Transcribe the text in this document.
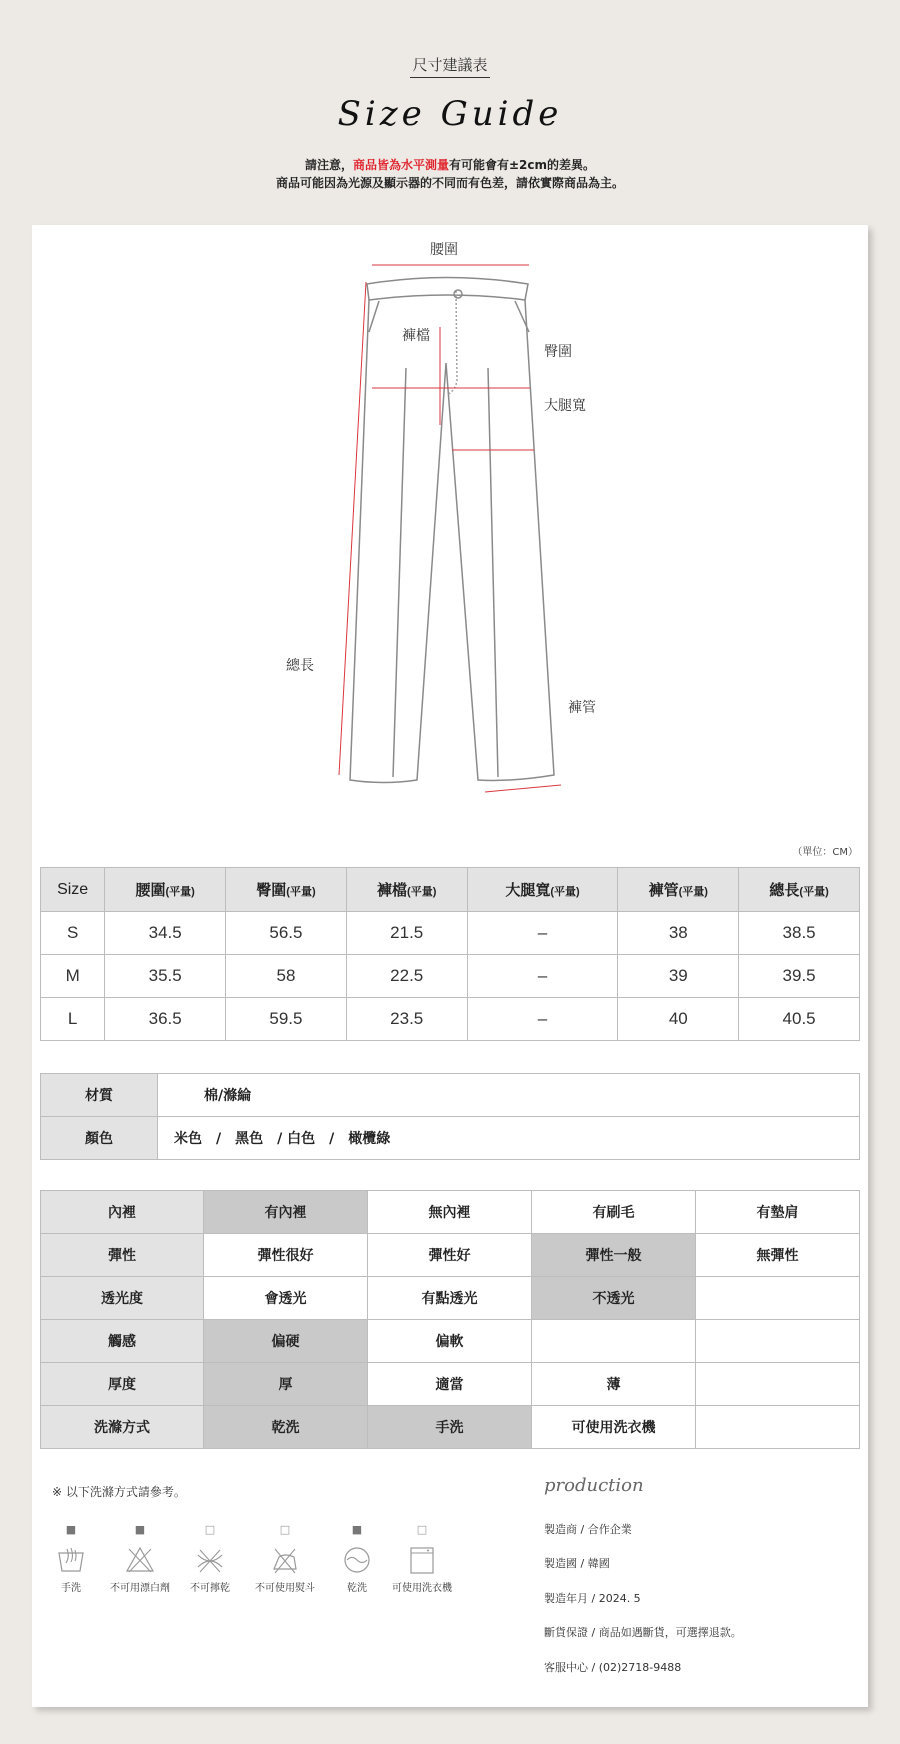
尺寸建議表
Size Guide
請注意，商品皆為水平測量有可能會有±2cm的差異。
商品可能因為光源及顯示器的不同而有色差，請依實際商品為主。
腰圍
褲檔
臀圍
大腿寬
總長
褲管
（單位：CM）
Size	腰圍(平量)	臀圍(平量)	褲檔(平量)	大腿寬(平量)	褲管(平量)	總長(平量)
S	34.5	56.5	21.5	–	38	38.5
M	35.5	58	22.5	–	39	39.5
L	36.5	59.5	23.5	–	40	40.5
材質	棉/滌綸
顏色	米色　/　黑色　/ 白色　/　橄欖綠
內裡	有內裡	無內裡	有刷毛	有墊肩
彈性	彈性很好	彈性好	彈性一般	無彈性
透光度	會透光	有點透光	不透光	
觸感	偏硬	偏軟		
厚度	厚	適當	薄	
洗滌方式	乾洗	手洗	可使用洗衣機	
※ 以下洗滌方式請參考。
■
手洗
■
不可用漂白劑
□
不可擰乾
□
不可使用熨斗
■
乾洗
□
可使用洗衣機
production
製造商 / 合作企業
製造國 / 韓國
製造年月 / 2024. 5
斷貨保證 / 商品如遇斷貨，可選擇退款。
客服中心 / (02)2718-9488
